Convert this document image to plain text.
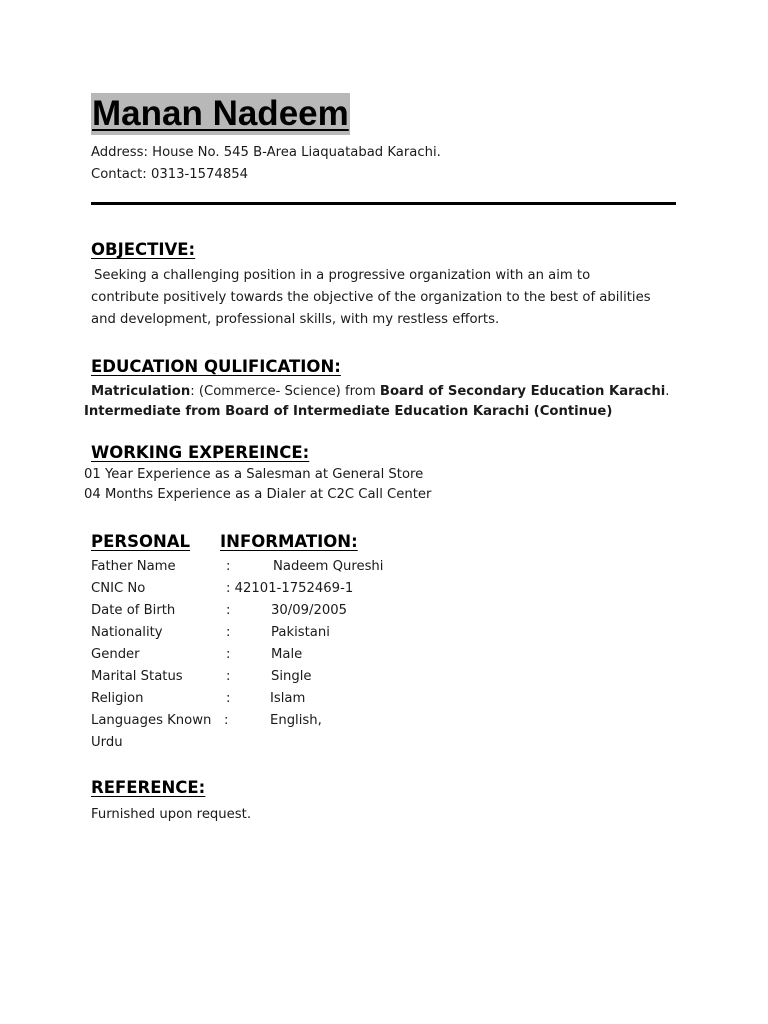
Manan Nadeem
Address: House No. 545 B-Area Liaquatabad Karachi.
Contact: 0313-1574854
OBJECTIVE:
Seeking a challenging position in a progressive organization with an aim to contribute positively towards the objective of the organization to the best of abilities and development, professional skills, with my restless efforts.
EDUCATION QULIFICATION:
Matriculation: (Commerce- Science) from Board of Secondary Education Karachi.
Intermediate from Board of Intermediate Education Karachi (Continue)
WORKING EXPEREINCE:
01 Year Experience as a Salesman at General Store
04 Months Experience as a Dialer at C2C Call Center
PERSONAL INFORMATION:
Father Name	:	Nadeem Qureshi
CNIC No	: 42101-1752469-1
Date of Birth	:	30/09/2005
Nationality	:	Pakistani
Gender	:	Male
Marital Status	:	Single
Religion	:	Islam
Languages Known :	English,
Urdu
REFERENCE:
Furnished upon request.
